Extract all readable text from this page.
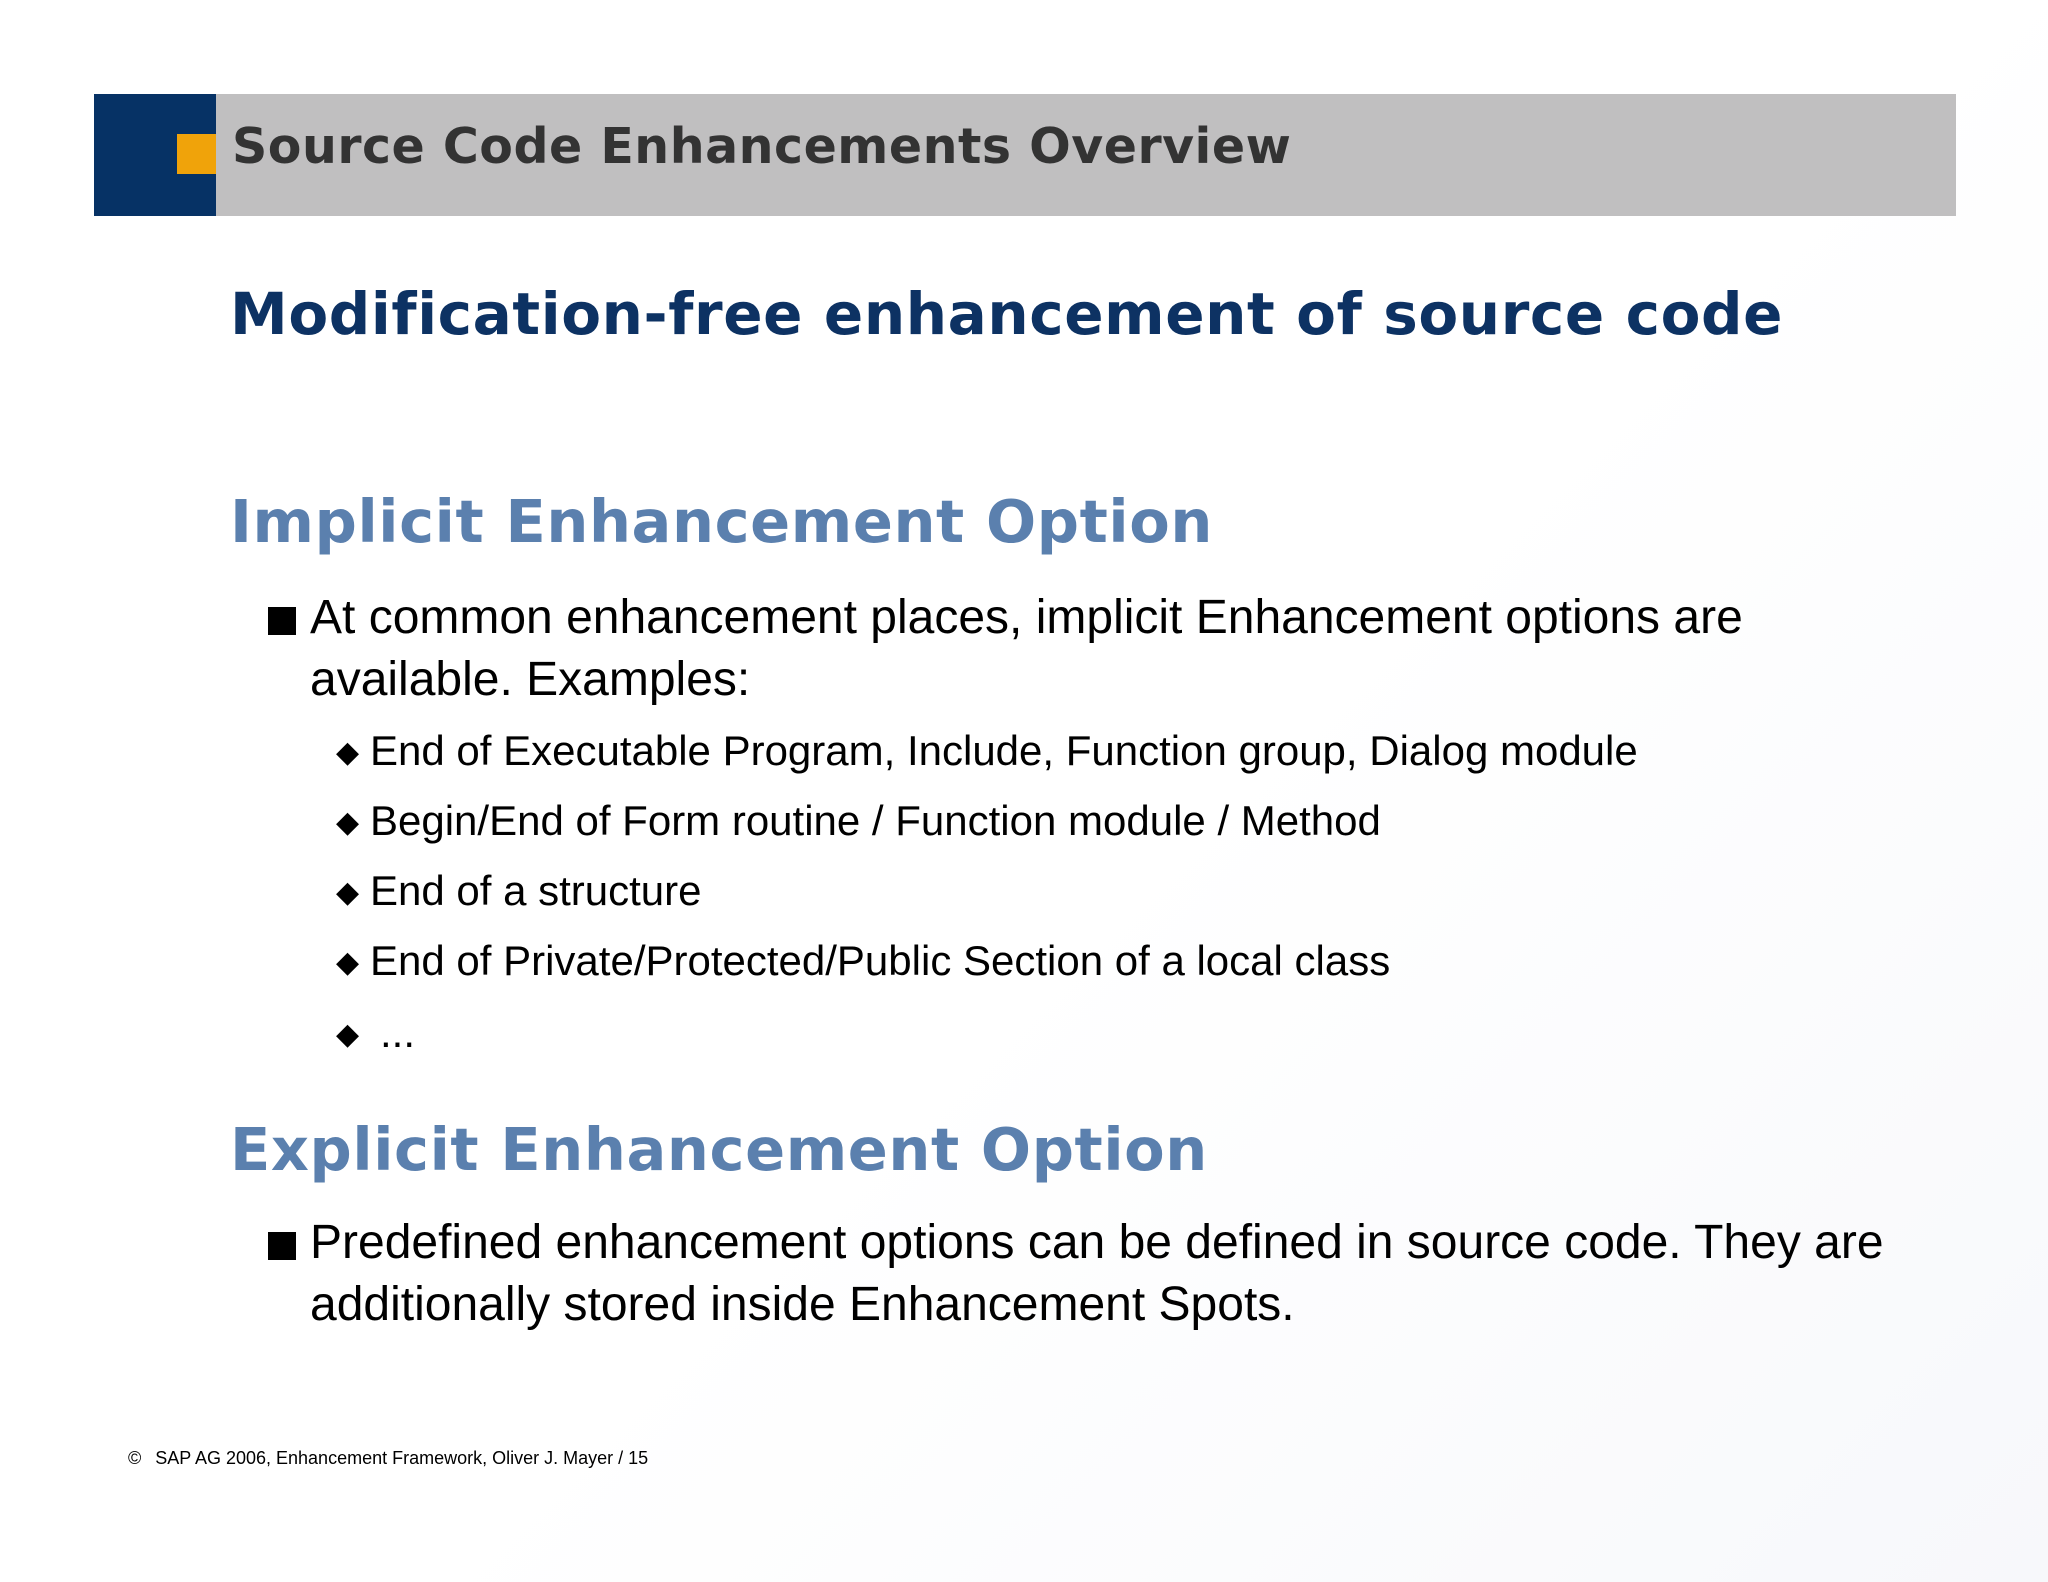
Source Code Enhancements Overview
Modification-free enhancement of source code
Implicit Enhancement Option
At common enhancement places, implicit Enhancement options are available. Examples:
◆ End of Executable Program, Include, Function group, Dialog module
◆ Begin/End of Form routine / Function module / Method
◆ End of a structure
◆ End of Private/Protected/Public Section of a local class
◆ ...
Explicit Enhancement Option
Predefined enhancement options can be defined in source code. They are additionally stored inside Enhancement Spots.
© SAP AG 2006, Enhancement Framework, Oliver J. Mayer / 15
